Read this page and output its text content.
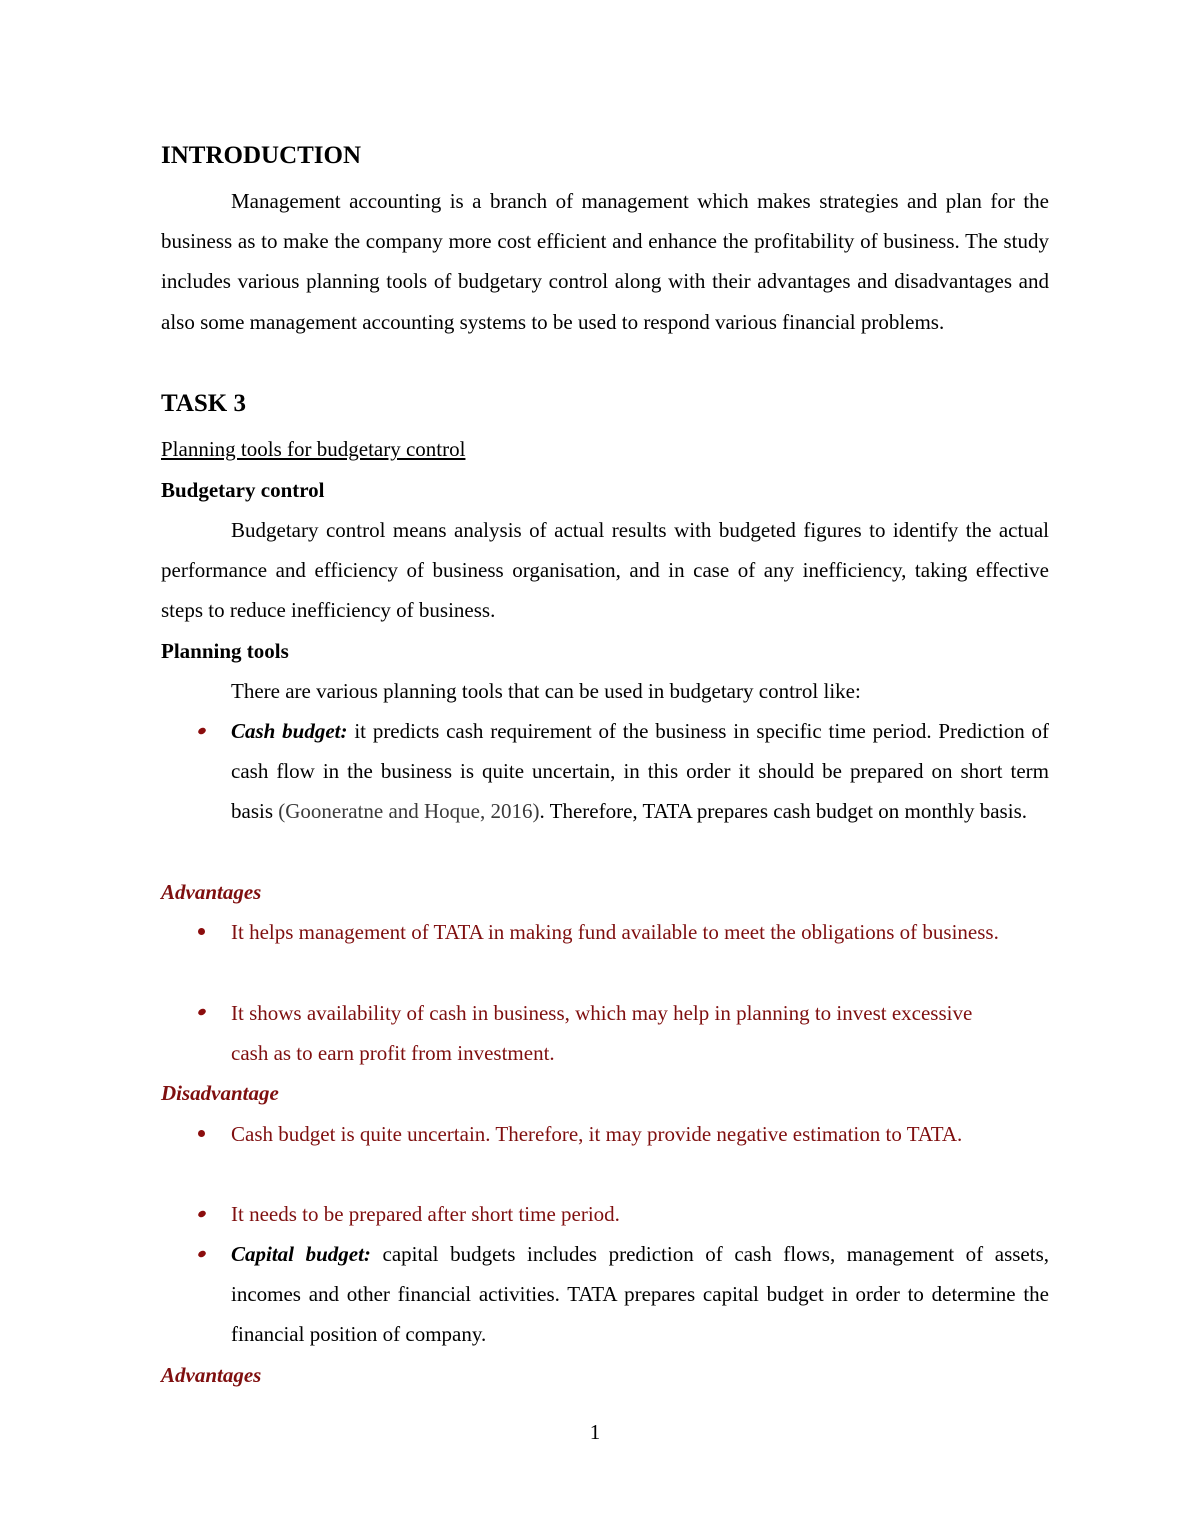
INTRODUCTION
Management accounting is a branch of management which makes strategies and plan for the business as to make the company more cost efficient and enhance the profitability of business. The study includes various planning tools of budgetary control along with their advantages and disadvantages and also some management accounting systems to be used to respond various financial problems.
TASK 3
Planning tools for budgetary control
Budgetary control
Budgetary control means analysis of actual results with budgeted figures to identify the actual performance and efficiency of business organisation, and in case of any inefficiency, taking effective steps to reduce inefficiency of business.
Planning tools
There are various planning tools that can be used in budgetary control like:
Cash budget: it predicts cash requirement of the business in specific time period. Prediction of cash flow in the business is quite uncertain, in this order it should be prepared on short term basis (Gooneratne and Hoque, 2016). Therefore, TATA prepares cash budget on monthly basis.
Advantages
It helps management of TATA in making fund available to meet the obligations of business.
It shows availability of cash in business, which may help in planning to invest excessive cash as to earn profit from investment.
Disadvantage
Cash budget is quite uncertain. Therefore, it may provide negative estimation to TATA.
It needs to be prepared after short time period.
Capital budget: capital budgets includes prediction of cash flows, management of assets, incomes and other financial activities. TATA prepares capital budget in order to determine the financial position of company.
Advantages
1
